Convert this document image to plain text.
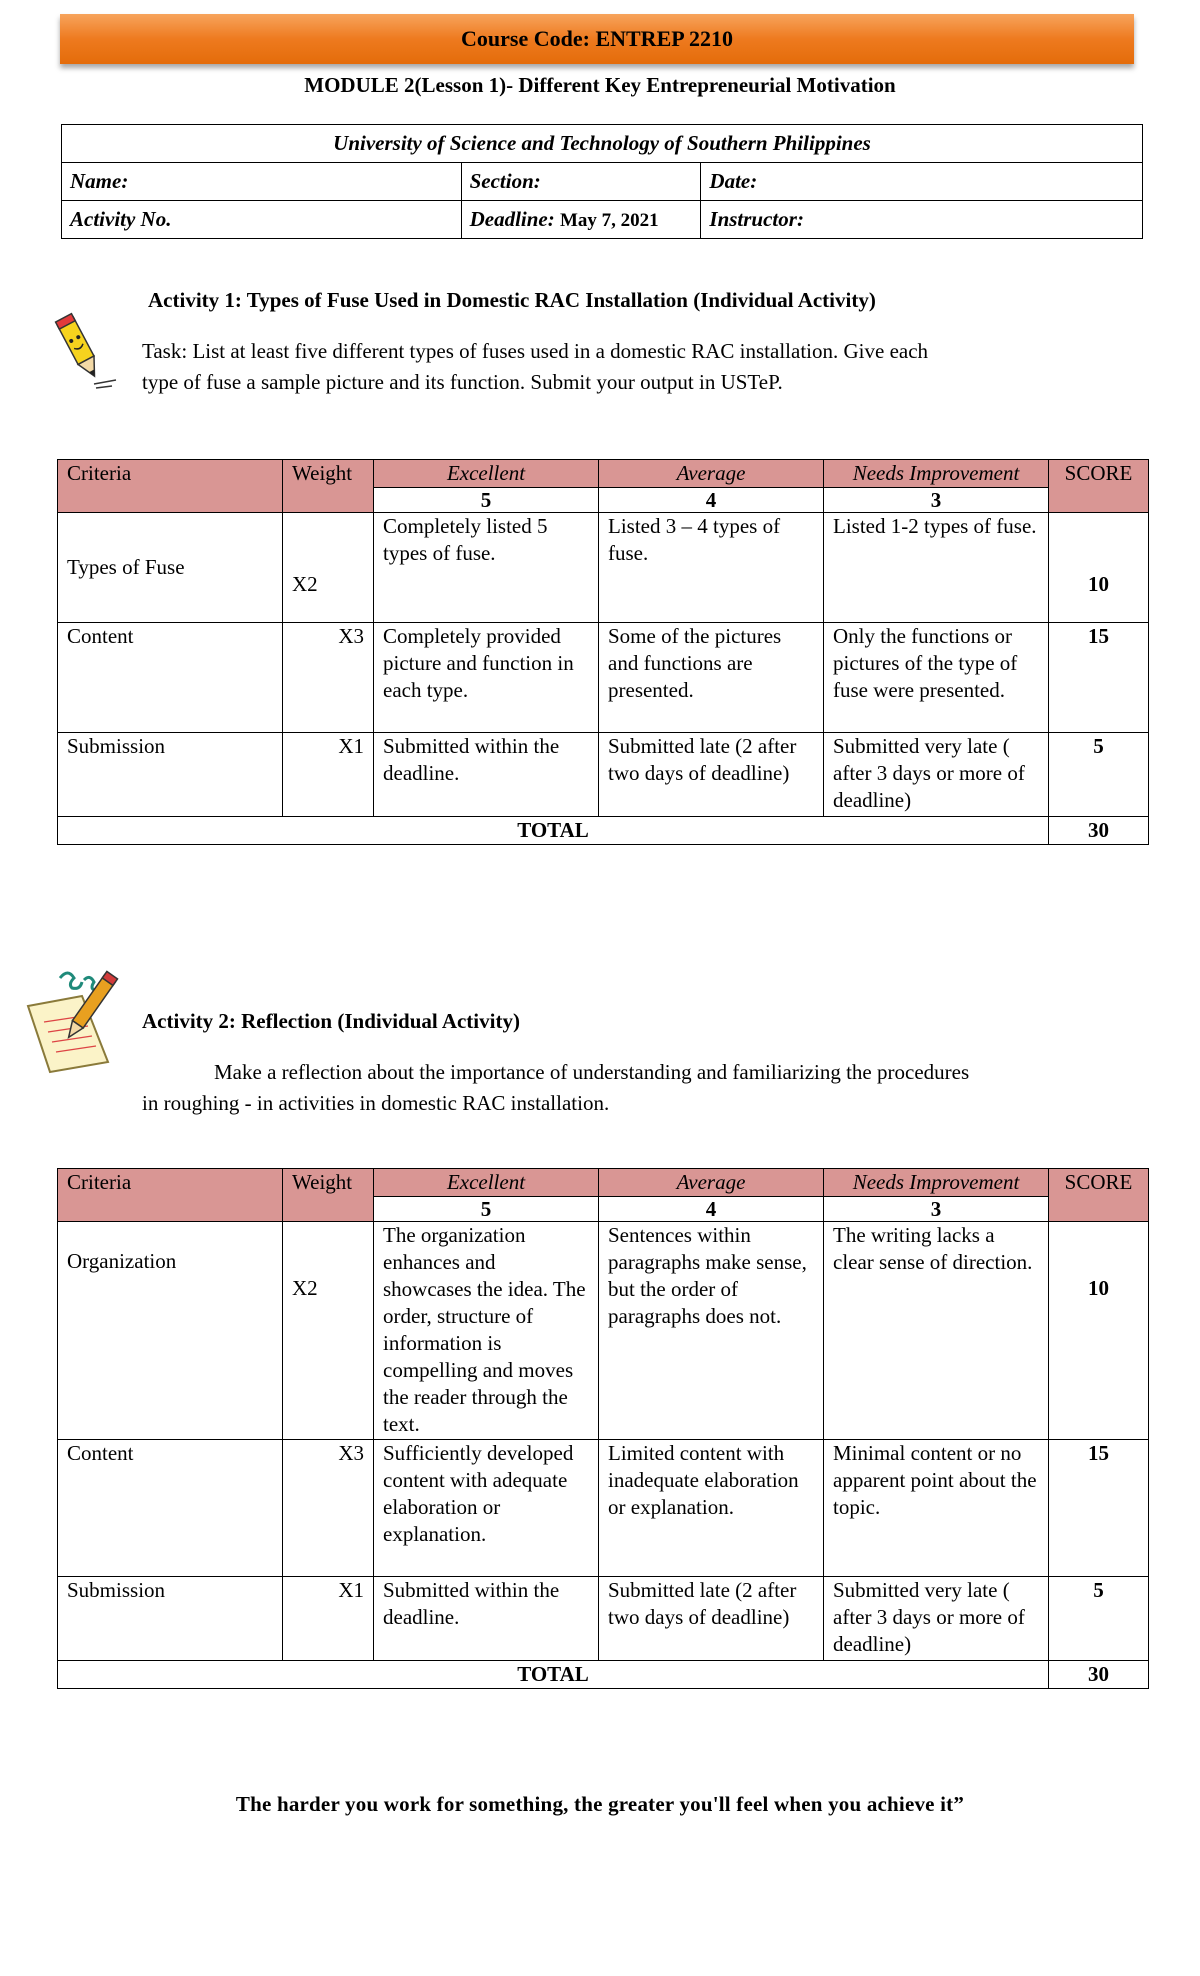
Course Code: ENTREP 2210
MODULE 2(Lesson 1)- Different Key Entrepreneurial Motivation
University of Science and Technology of Southern Philippines		
Name:	Section:	Date:
Activity No.	Deadline: May 7, 2021	Instructor:
Activity 1: Types of Fuse Used in Domestic RAC Installation (Individual Activity)
Task: List at least five different types of fuses used in a domestic RAC installation. Give each
type of fuse a sample picture and its function. Submit your output in USTeP.
Criteria	Weight	Excellent	Average	Needs Improvement	SCORE
		5	4	3	
Types of Fuse	X2	Completely listed 5 types of fuse.	Listed 3 – 4 types of fuse.	Listed 1-2 types of fuse.	10
Content	X3	Completely provided picture and function in each type.	Some of the pictures and functions are presented.	Only the functions or pictures of the type of fuse were presented.	15
Submission	X1	Submitted within the deadline.	Submitted late (2 after two days of deadline)	Submitted very late ( after 3 days or more of deadline)	5
TOTAL					30
Activity 2: Reflection (Individual Activity)
Make a reflection about the importance of understanding and familiarizing the procedures
in roughing - in activities in domestic RAC installation.
Criteria	Weight	Excellent	Average	Needs Improvement	SCORE
		5	4	3	
Organization	X2	The organization enhances and showcases the idea. The order, structure of information is compelling and moves the reader through the text.	Sentences within paragraphs make sense, but the order of paragraphs does not.	The writing lacks a clear sense of direction.	10
Content	X3	Sufficiently developed content with adequate elaboration or explanation.	Limited content with inadequate elaboration or explanation.	Minimal content or no apparent point about the topic.	15
Submission	X1	Submitted within the deadline.	Submitted late (2 after two days of deadline)	Submitted very late ( after 3 days or more of deadline)	5
TOTAL					30
The harder you work for something, the greater you'll feel when you achieve it”
